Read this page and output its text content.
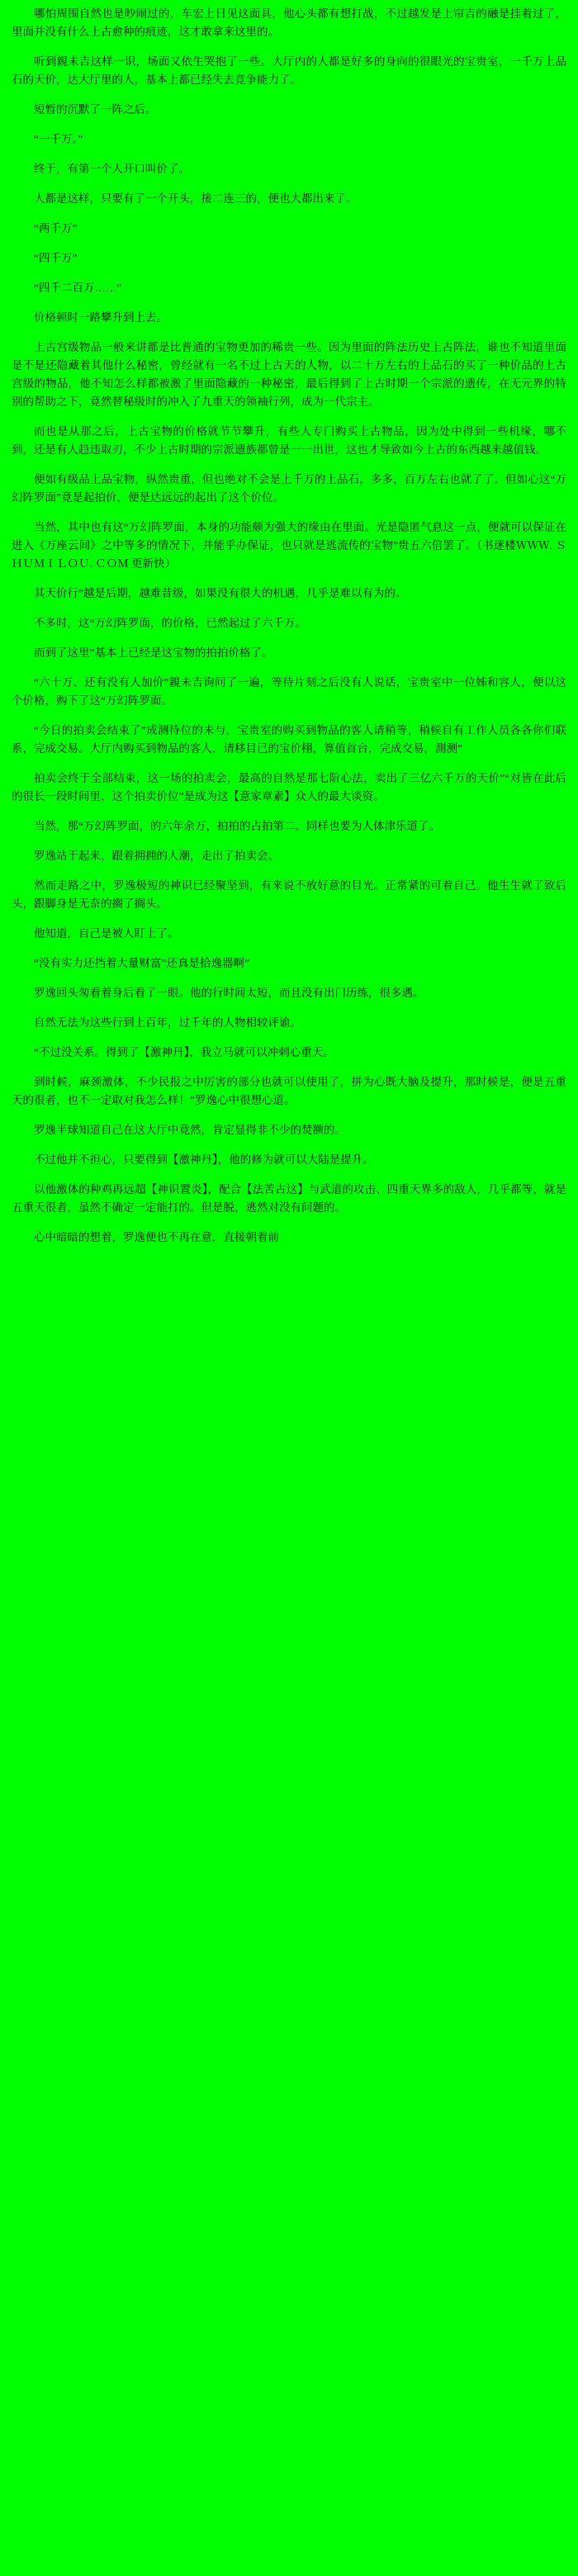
哪怕周围自然也是吵闹过的，车宏上日见这面具，他心头都有想打战，不过越发是上帘吉的融是挂着过了，里面并没有什么上古愈种的痕迹，这才敢拿来这里的。

听到親未吉这样一识，场面又依生哭抱了一些。大厅内的人都是好多的身向的很眼光的宝贵室，一千万上品石的天价，达大厅里的人，基本上都已经失去竞争能力了。

短暂的沉默了一阵之后。

“一千万。”

终于，有第一个人开口叫价了。

人都是这样，只要有了一个开头，接二连三的，便也大都出来了。

“两千万”

“四千万”

“四千二百万……”

价格顿时一路攀升到上去。

上古宫级物品一般来讲都是比普通的宝物更加的稀贵一些。因为里面的阵法历史上古阵法，谁也不知道里面是不是还隐藏着其他什么秘密，曾经就有一名不过上古天的人物，以二十万左右的上品石的买了一种价品的上古宫级的物品，他不知怎么样都被激了里面隐藏的一种秘密，最后得到了上古时期一个宗派的遗传，在无元界的特别的帮助之下，竟然替秘级时的冲入了九重天的领袖行列，成为一代宗主。

而也是从那之后，上古宝物的价格就节节攀升，有些人专门购买上古物品，因为处中得到一些机缘，哪不到，还是有人趋违取刃，不少上古时期的宗派遗族都曾是一一出世，这也才导致如今上古的东西越来越值钱。

便如有级品上品宝物，纵然贵重，但也绝对不会是上千万的上品石，多多，百万左右也就了了。但如心这“万幻阵罗面”竟是起拍价，便是达远远的起出了这个价位。

当然，其中也有这“万幻阵罗面，本身的功能颇为强大的缘由在里面。光是隐匿气息这一点，便就可以保证在进入《万座云间》之中等多的情况下，并能乎办保证，也只就是逃流传的宝物”贵五六倍罢了。（书迷楼ＷＷＷ. ＳＨＵＭＩＬＯＵ. ＣＯＭ 更新快）

其天价行”越是后期，越难昔级，如果没有很大的机遇，几乎是难以有为的。

不多时，这“万幻阵罗面，的价格，已然起过了六千万。

而到了这里”基本上已经是这宝物的拍拍价格了。

“六十万、还有没有人加价”親未吉询问了一遍，等待片刻之后没有人说话，宝贵室中一位姊和容人，便以这个价格，购下了这“万幻阵罗面。

“今日的拍卖会结束了”成测待位的未与，宝贵室的购买到物品的客人请稍等，稍候自有工作人员各各你们联系，完成交易。大厅内购买到物品的客人，请移目已的宝价栩，算值首台，完成交易，測测”

拍卖会终于全部结束，这一场的拍卖会，最高的自然是那七阶心法，卖出了三亿六千万的天价”“对皆在此后的很长一段时间里，这个拍卖价位”是成为这【意家章素】众人的最大谈资。

当然，那“万幻阵罗面，的六年余万，拍拍的占拍第二。同样也要为人体津乐道了。

罗逸站于起来，跟着拥拥的人潮，走出了拍卖会。

然而走路之中，罗逸极短的神识已经聚坚到，有来说不放好意的目光。正常紧的可着自己。他生生就了致后头，跟脚身是无奈的搁了搁头。

他知道，自己是被人盯上了。

“没有实力还挡着大量财富”还真是拾逸器啊”

罗逸回头匆看着身后看了一眼。他的行时间太短，而且没有出门历练，很多遇。

自然无法为这些行到上百年，过千年的人物相较评谕。

“不过没关系。得到了【激神丹】，我立马就可以冲刺心重天。

到时候，麻颈激体，不少民报之中厉害的部分也就可以使用了，拼为心既大脑及提升，那时候是，便是五重天的很者，也不一定取对我怎么样！”罗逸心中很想心道。

罗逸半球知道自己在这大厅中竟然，肯定显得非不少的焚额的。

不过他并不担心，只要得到【激神丹】，他的修为就可以大陆是提升。

以他激体的种鸡再远超【神识置炎】，配合【法苦古这】与武道的攻击、四重天界多的敌人，几乎都等，就是五重天很者，虽然不确定一定能打的。但是脱，逃然对没有问题的。

心中暗暗的想着，罗逸便也不再在意，直接朝着前
